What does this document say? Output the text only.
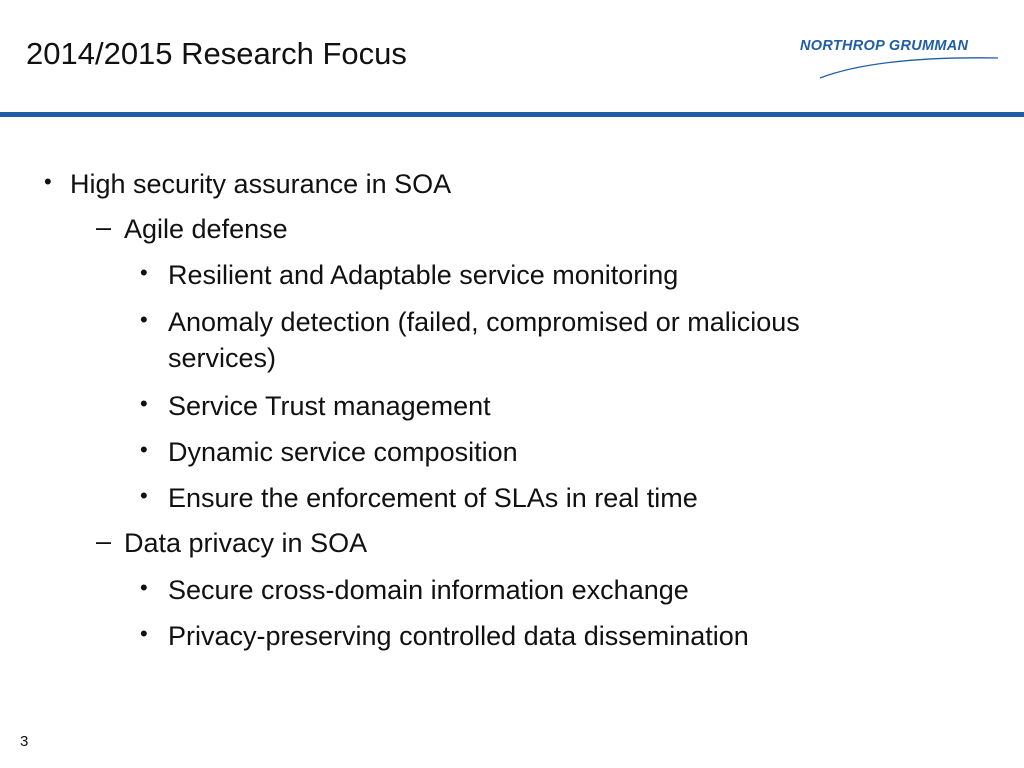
2014/2015 Research Focus	NORTHROP GRUMMAN
• High security assurance in SOA
– Agile defense
• Resilient and Adaptable service monitoring
• Anomaly detection (failed, compromised or malicious
services)
• Service Trust management
• Dynamic service composition
• Ensure the enforcement of SLAs in real time
– Data privacy in SOA
• Secure cross-domain information exchange
• Privacy-preserving controlled data dissemination
3
